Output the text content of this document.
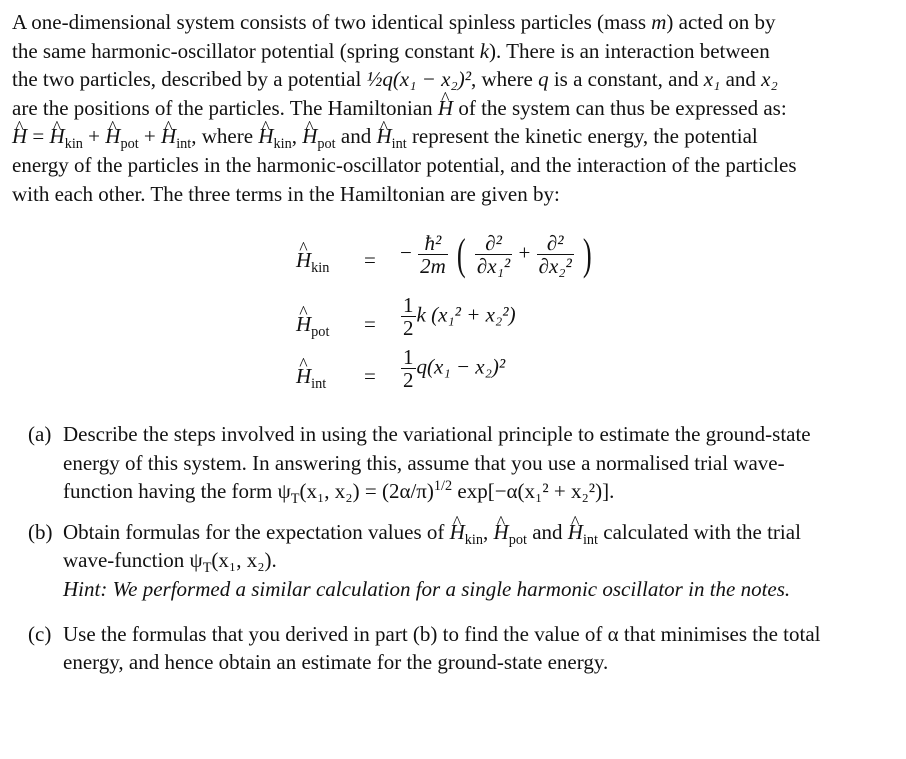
A one-dimensional system consists of two identical spinless particles (mass m) acted on by
the same harmonic-oscillator potential (spring constant k). There is an interaction between
the two particles, described by a potential ½q(x₁ − x₂)², where q is a constant, and x₁ and x₂
are the positions of the particles. The Hamiltonian ^ H of the system can thus be expressed as:
^ H = ^ $H_{kin}$ + ^ $H_{pot}$ + ^ $H_{int}$, where ^ $H_{kin}$, ^ $H_{pot}$ and ^ $H_{int}$ represent the kinetic energy, the potential
energy of the particles in the harmonic-oscillator potential, and the interaction of the particles
with each other. The three terms in the Hamiltonian are given by:
^ $H_{kin}$	= − $\frac{\text{ħ²}}{2m}$ ( $\frac{\text{∂²}}{\text{∂x₁²}} + \frac{\text{∂²}}{\text{∂x₂²}}$ )
^ $H_{pot}$	= $\frac{1}{2}$ k (x₁² + x₂²)
^ $H_{int}$	= $\frac{1}{2} q(x_1 - x_2)^2$
(a) Describe the steps involved in using the variational principle to estimate the ground-state
energy of this system. In answering this, assume that you use a normalised trial wave-
function having the form $\psi_T(x_1$, $x_2) = (2\alpha/\pi)^{1/2}$ exp[−α(x₁² + x₂²)].
(b) Obtain formulas for the expectation values of ^ $H_{kin}$, ^ $H_{pot}$ and ^ $H_{int}$ calculated with the trial
wave-function $\psi_T(x_1$, x₂).
Hint: We performed a similar calculation for a single harmonic oscillator in the notes.
(c) Use the formulas that you derived in part (b) to find the value of α that minimises the total
energy, and hence obtain an estimate for the ground-state energy.
